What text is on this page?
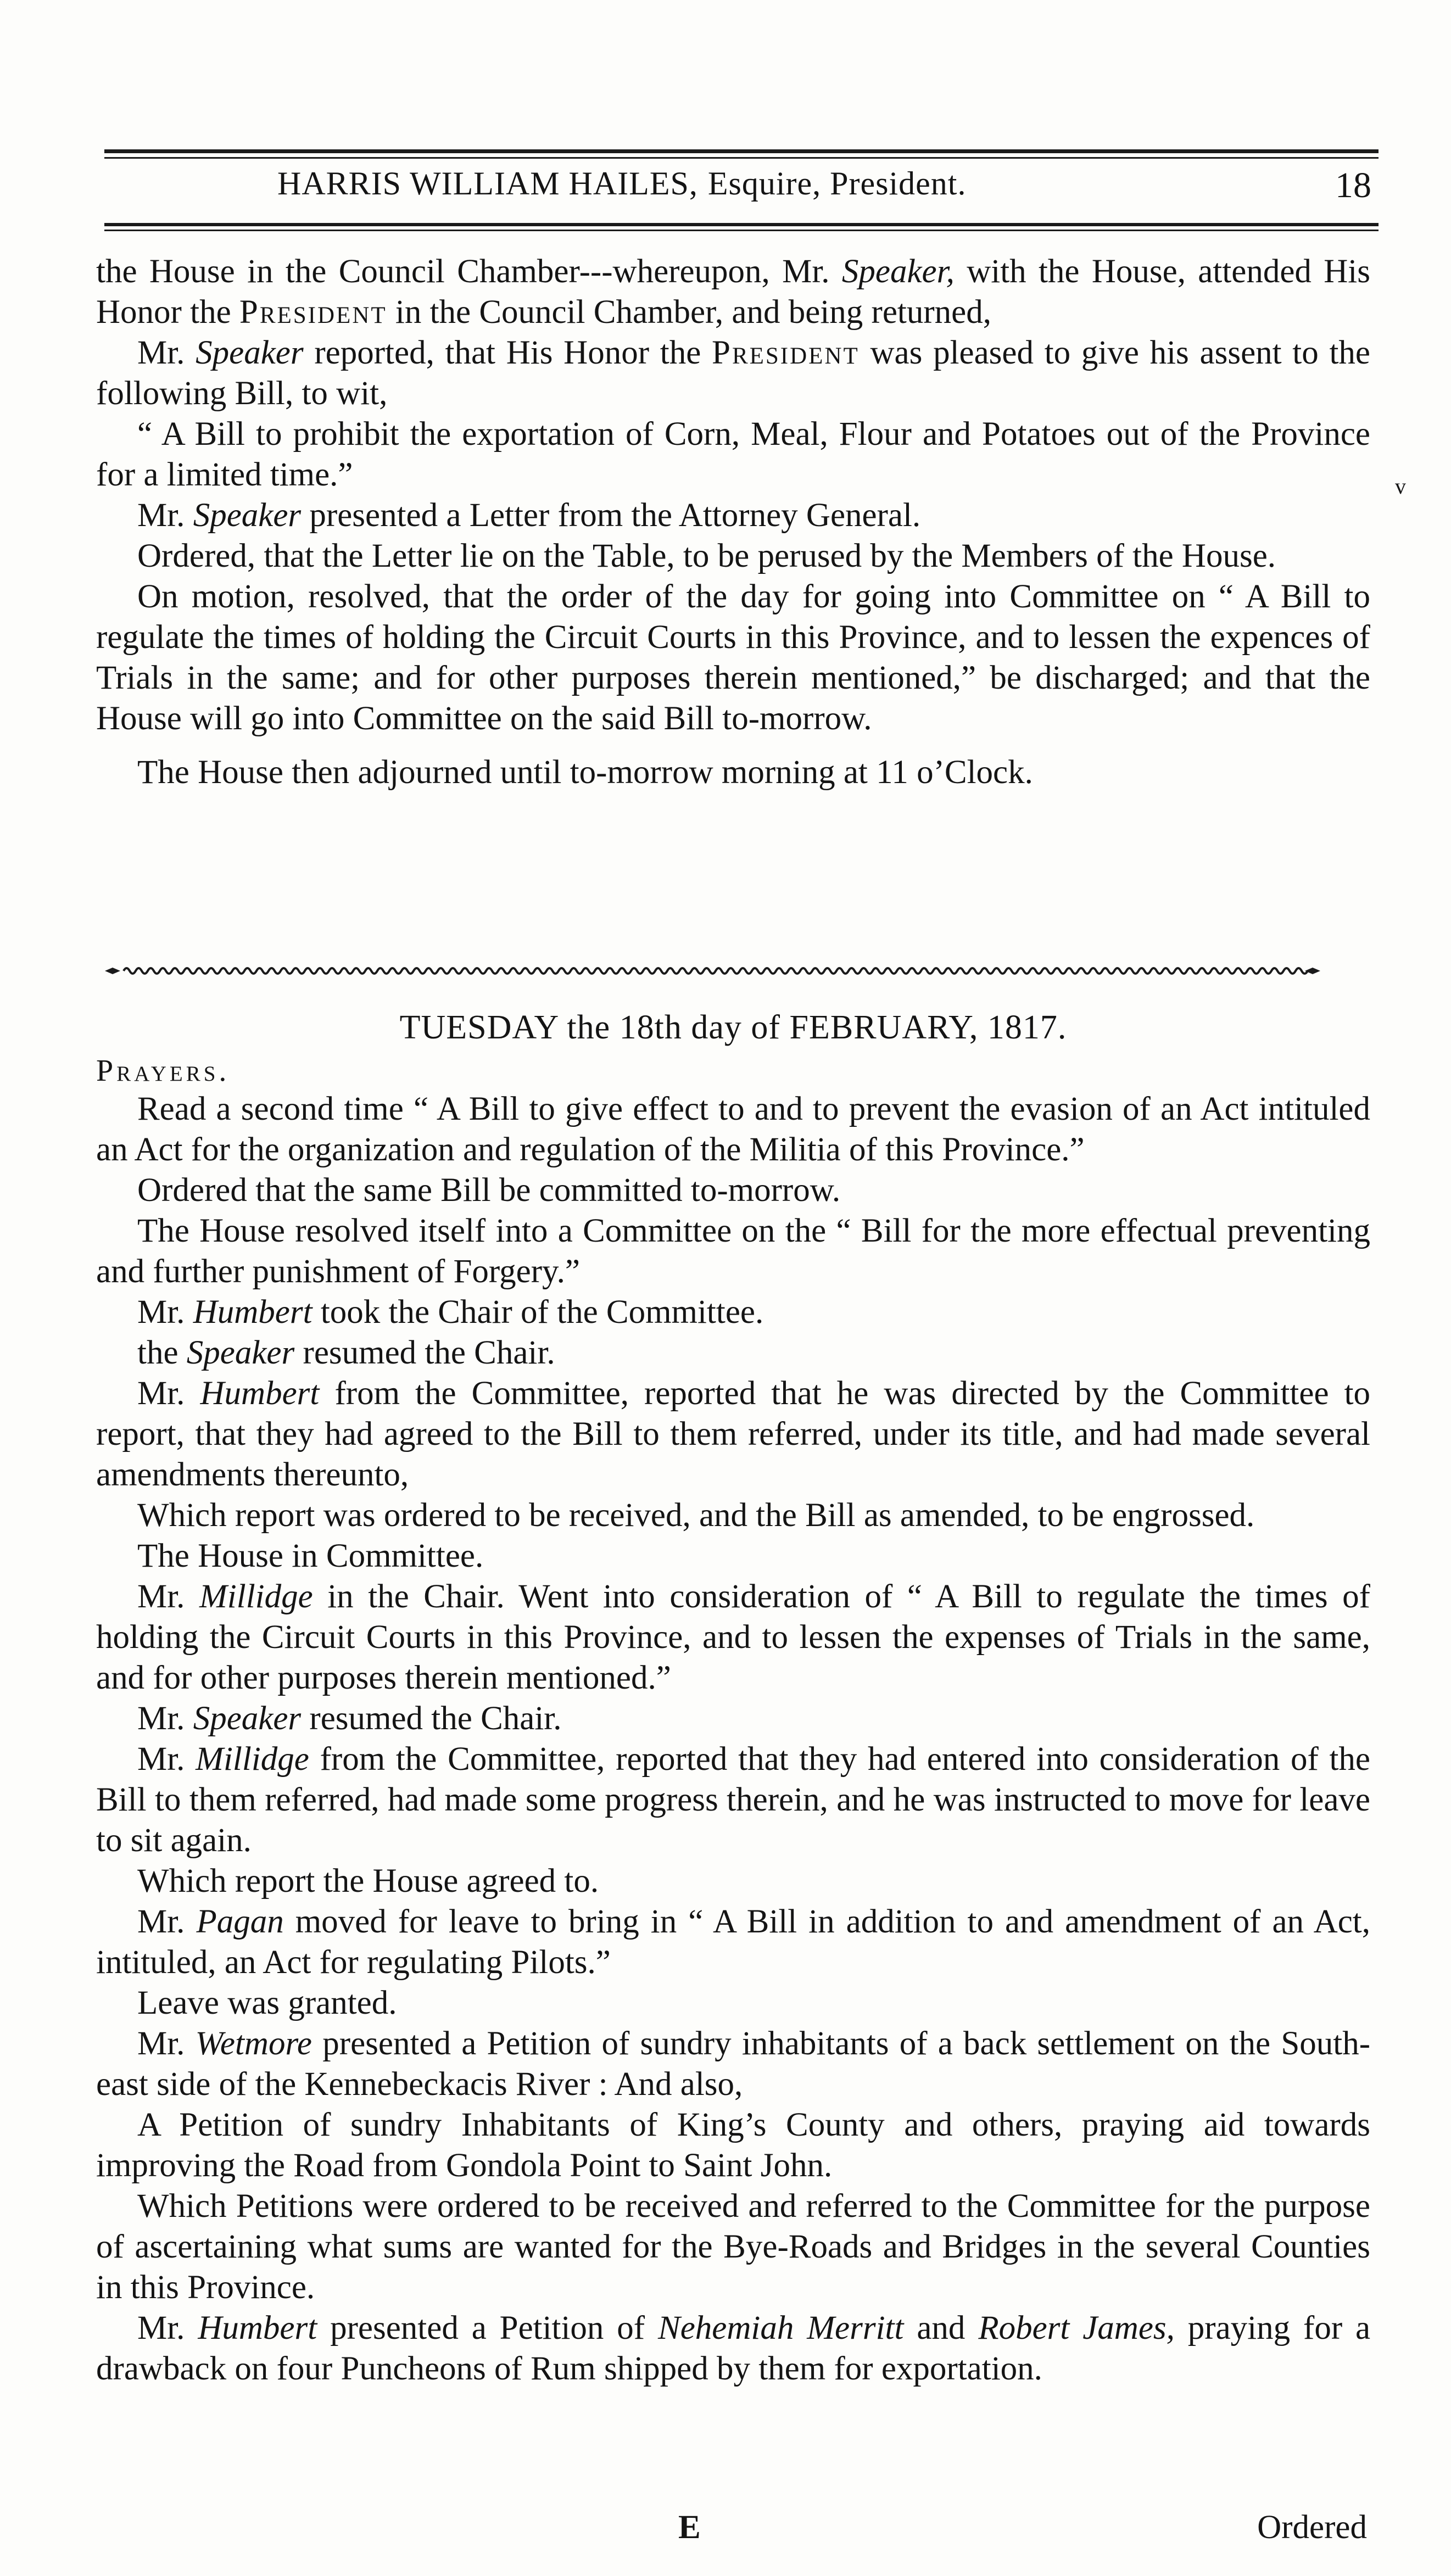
HARRIS WILLIAM HAILES, Esquire, President.	18

the House in the Council Chamber---whereupon, Mr. Speaker, with the House, attended His Honor the President in the Council Chamber, and being returned,

Mr. Speaker reported, that His Honor the President was pleased to give his assent to the following Bill, to wit,

“ A Bill to prohibit the exportation of Corn, Meal, Flour and Potatoes out of the Province for a limited time.”

Mr. Speaker presented a Letter from the Attorney General.

Ordered, that the Letter lie on the Table, to be perused by the Members of the House.

On motion, resolved, that the order of the day for going into Committee on “ A Bill to regulate the times of holding the Circuit Courts in this Province, and to lessen the expences of Trials in the same; and for other purposes therein mentioned,” be discharged; and that the House will go into Committee on the said Bill to-morrow.

The House then adjourned until to-morrow morning at 11 o’Clock.

TUESDAY the 18th day of FEBRUARY, 1817.
Prayers.

Read a second time “ A Bill to give effect to and to prevent the evasion of an Act intituled an Act for the organization and regulation of the Militia of this Province.”

Ordered that the same Bill be committed to-morrow.

The House resolved itself into a Committee on the “ Bill for the more effectual preventing and further punishment of Forgery.”

Mr. Humbert took the Chair of the Committee.

the Speaker resumed the Chair.

Mr. Humbert from the Committee, reported that he was directed by the Committee to report, that they had agreed to the Bill to them referred, under its title, and had made several amendments thereunto,

Which report was ordered to be received, and the Bill as amended, to be engrossed.

The House in Committee.

Mr. Millidge in the Chair. Went into consideration of “ A Bill to regulate the times of holding the Circuit Courts in this Province, and to lessen the expenses of Trials in the same, and for other purposes therein mentioned.”

Mr. Speaker resumed the Chair.

Mr. Millidge from the Committee, reported that they had entered into consideration of the Bill to them referred, had made some progress therein, and he was instructed to move for leave to sit again.

Which report the House agreed to.

Mr. Pagan moved for leave to bring in “ A Bill in addition to and amendment of an Act, intituled, an Act for regulating Pilots.”

Leave was granted.

Mr. Wetmore presented a Petition of sundry inhabitants of a back settlement on the South-east side of the Kennebeckacis River : And also,

A Petition of sundry Inhabitants of King’s County and others, praying aid towards improving the Road from Gondola Point to Saint John.

Which Petitions were ordered to be received and referred to the Committee for the purpose of ascertaining what sums are wanted for the Bye-Roads and Bridges in the several Counties in this Province.

Mr. Humbert presented a Petition of Nehemiah Merritt and Robert James, praying for a drawback on four Puncheons of Rum shipped by them for exportation.

E	Ordered
v
